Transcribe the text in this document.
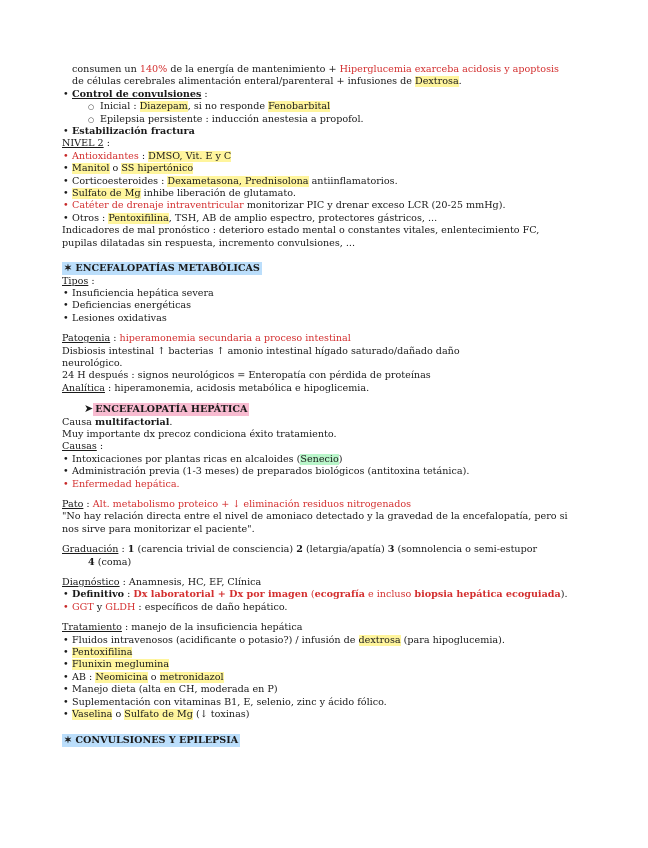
consumen un 140% de la energía de mantenimiento + Hiperglucemia exarceba acidosis y apoptosis
de células cerebrales alimentación enteral/parenteral + infusiones de Dextrosa.
• Control de convulsiones :
○ Inicial : Diazepam, si no responde Fenobarbital
○ Epilepsia persistente : inducción anestesia a propofol.
• Estabilización fractura
NIVEL 2 :
• Antioxidantes : DMSO, Vit. E y C
• Manitol o SS hipertónico
• Corticoesteroides : Dexametasona, Prednisolona antiinflamatorios.
• Sulfato de Mg inhibe liberación de glutamato.
• Catéter de drenaje intraventricular monitorizar PIC y drenar exceso LCR (20-25 mmHg).
• Otros : Pentoxifilina, TSH, AB de amplio espectro, protectores gástricos, ...
Indicadores de mal pronóstico : deterioro estado mental o constantes vitales, enlentecimiento FC,
pupilas dilatadas sin respuesta, incremento convulsiones, ...
✶ ENCEFALOPATÍAS METABÓLICAS
Tipos :
• Insuficiencia hepática severa
• Deficiencias energéticas
• Lesiones oxidativas
Patogenia : hiperamonemia secundaria a proceso intestinal
Disbiosis intestinal ↑ bacterias ↑ amonio intestinal hígado saturado/dañado daño
neurológico.
24 H después : signos neurológicos = Enteropatía con pérdida de proteínas
Analítica : hiperamonemia, acidosis metabólica e hipoglicemia.
➤ ENCEFALOPATÍA HEPÁTICA
Causa multifactorial.
Muy importante dx precoz condiciona éxito tratamiento.
Causas :
• Intoxicaciones por plantas ricas en alcaloides (Senecio)
• Administración previa (1-3 meses) de preparados biológicos (antitoxina tetánica).
• Enfermedad hepática.
Pato : Alt. metabolismo proteico + ↓ eliminación residuos nitrogenados
"No hay relación directa entre el nivel de amoniaco detectado y la gravedad de la encefalopatía, pero si nos sirve para monitorizar el paciente".
Graduación : 1 (carencia trivial de consciencia) 2 (letargia/apatía) 3 (somnolencia o semi-estupor
4 (coma)
Diagnóstico : Anamnesis, HC, EF, Clínica
• Definitivo : Dx laboratorial + Dx por imagen (ecografía e incluso biopsia hepática ecoguiada).
• GGT y GLDH : específicos de daño hepático.
Tratamiento : manejo de la insuficiencia hepática
• Fluidos intravenosos (acidificante o potasio?) / infusión de dextrosa (para hipoglucemia).
• Pentoxifilina
• Flunixin meglumina
• AB : Neomicina o metronidazol
• Manejo dieta (alta en CH, moderada en P)
• Suplementación con vitaminas B1, E, selenio, zinc y ácido fólico.
• Vaselina o Sulfato de Mg (↓ toxinas)
✶ CONVULSIONES Y EPILEPSIA
